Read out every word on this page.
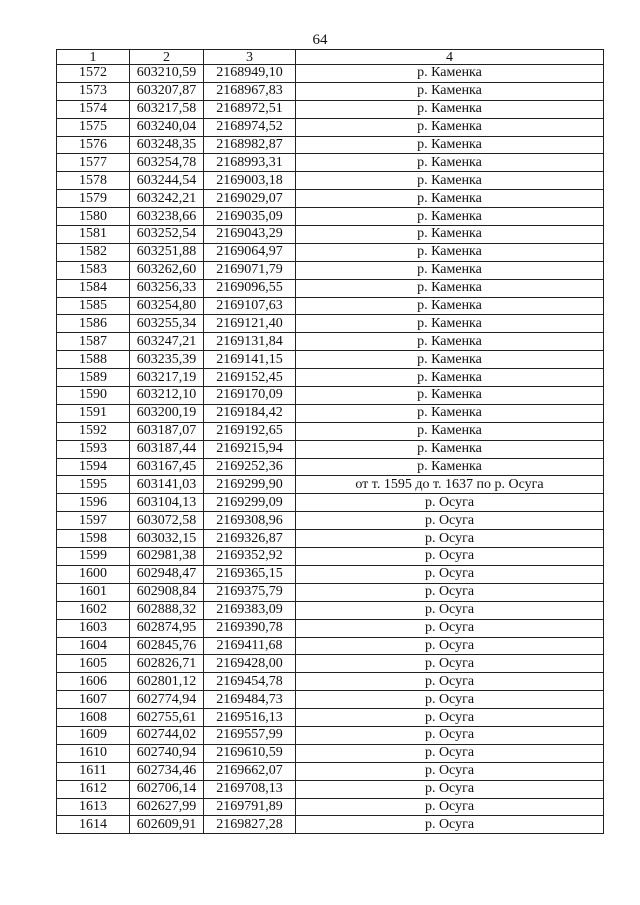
64
1	2	3	4
1572	603210,59	2168949,10	р. Каменка
1573	603207,87	2168967,83	р. Каменка
1574	603217,58	2168972,51	р. Каменка
1575	603240,04	2168974,52	р. Каменка
1576	603248,35	2168982,87	р. Каменка
1577	603254,78	2168993,31	р. Каменка
1578	603244,54	2169003,18	р. Каменка
1579	603242,21	2169029,07	р. Каменка
1580	603238,66	2169035,09	р. Каменка
1581	603252,54	2169043,29	р. Каменка
1582	603251,88	2169064,97	р. Каменка
1583	603262,60	2169071,79	р. Каменка
1584	603256,33	2169096,55	р. Каменка
1585	603254,80	2169107,63	р. Каменка
1586	603255,34	2169121,40	р. Каменка
1587	603247,21	2169131,84	р. Каменка
1588	603235,39	2169141,15	р. Каменка
1589	603217,19	2169152,45	р. Каменка
1590	603212,10	2169170,09	р. Каменка
1591	603200,19	2169184,42	р. Каменка
1592	603187,07	2169192,65	р. Каменка
1593	603187,44	2169215,94	р. Каменка
1594	603167,45	2169252,36	р. Каменка
1595	603141,03	2169299,90	от т. 1595 до т. 1637 по р. Осуга
1596	603104,13	2169299,09	р. Осуга
1597	603072,58	2169308,96	р. Осуга
1598	603032,15	2169326,87	р. Осуга
1599	602981,38	2169352,92	р. Осуга
1600	602948,47	2169365,15	р. Осуга
1601	602908,84	2169375,79	р. Осуга
1602	602888,32	2169383,09	р. Осуга
1603	602874,95	2169390,78	р. Осуга
1604	602845,76	2169411,68	р. Осуга
1605	602826,71	2169428,00	р. Осуга
1606	602801,12	2169454,78	р. Осуга
1607	602774,94	2169484,73	р. Осуга
1608	602755,61	2169516,13	р. Осуга
1609	602744,02	2169557,99	р. Осуга
1610	602740,94	2169610,59	р. Осуга
1611	602734,46	2169662,07	р. Осуга
1612	602706,14	2169708,13	р. Осуга
1613	602627,99	2169791,89	р. Осуга
1614	602609,91	2169827,28	р. Осуга
